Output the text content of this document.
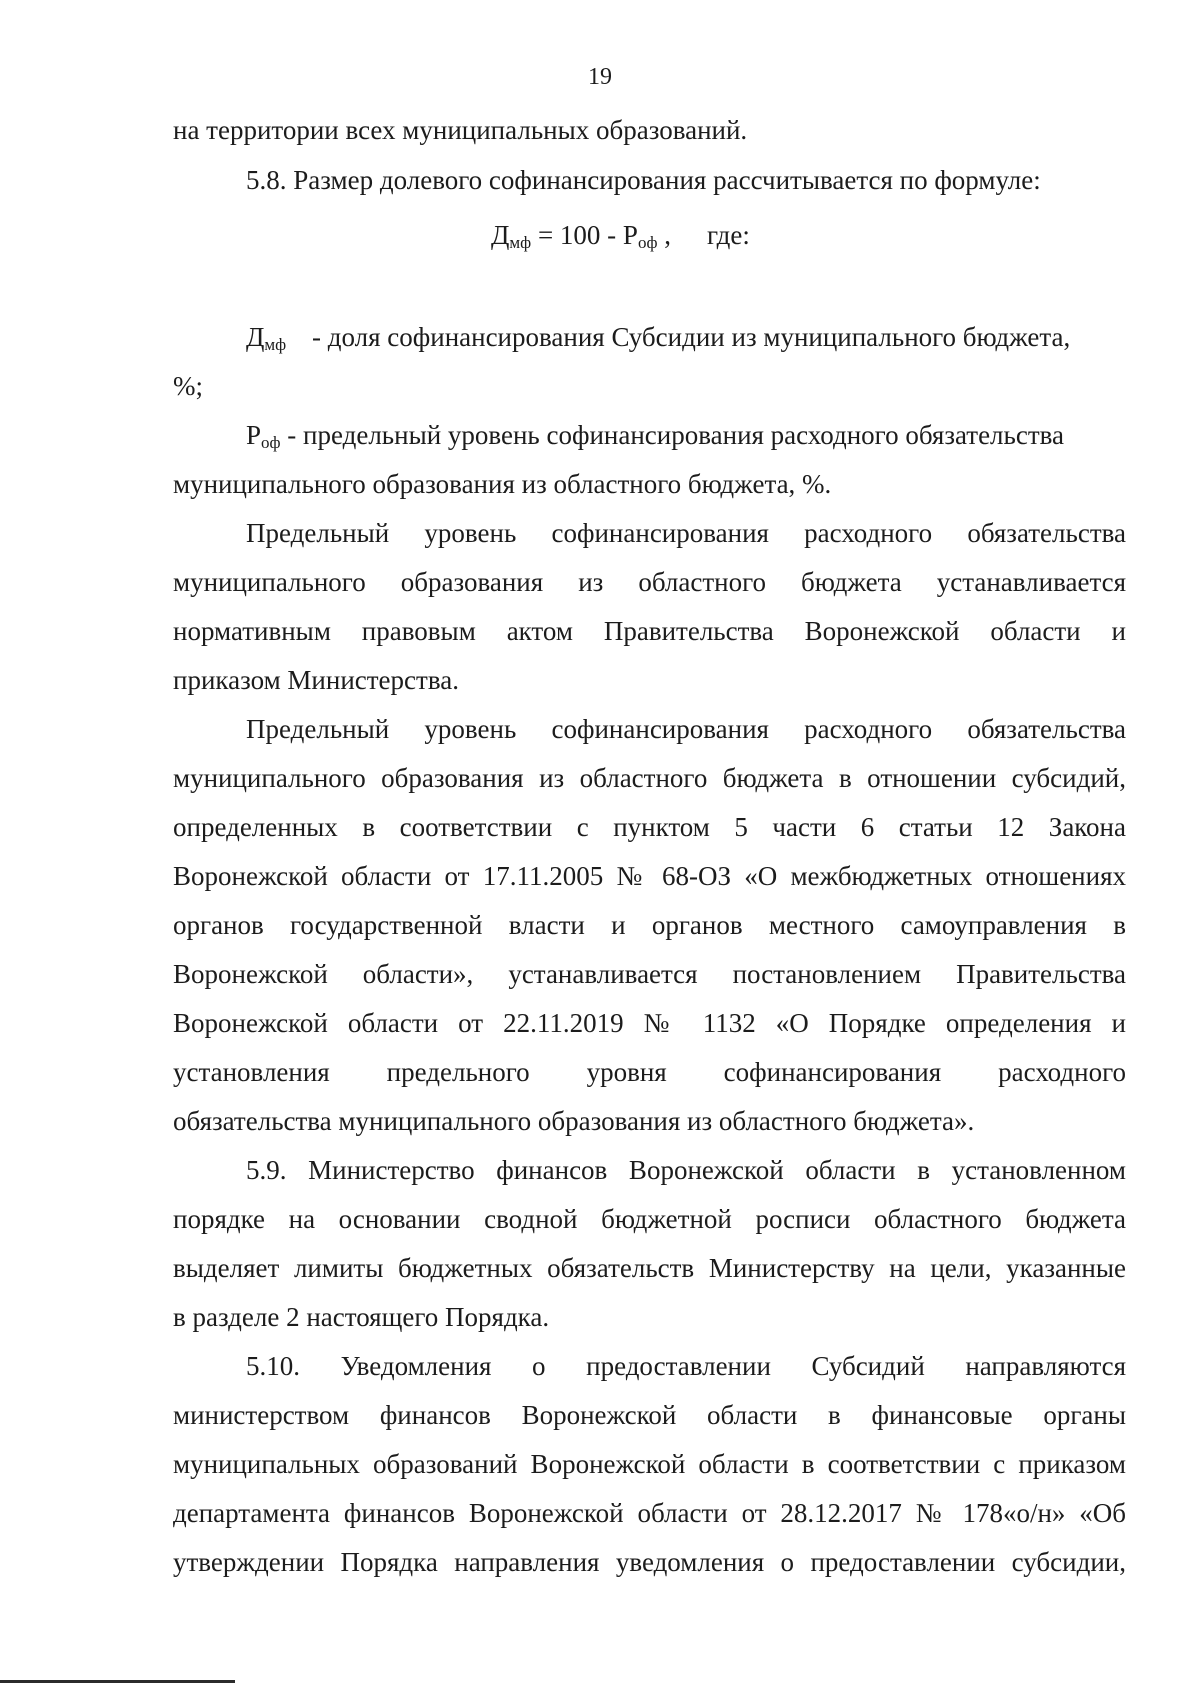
19
на территории всех муниципальных образований.
5.8. Размер долевого софинансирования рассчитывается по формуле:
$Д_{мф} = 100 - Р_{оф}$ , где:
$Д_{мф}$ - доля софинансирования Субсидии из муниципального бюджета,
%;
$Р_{оф}$ - предельный уровень софинансирования расходного обязательства
муниципального образования из областного бюджета, %.
Предельный уровень софинансирования расходного обязательства
муниципального образования из областного бюджета устанавливается
нормативным правовым актом Правительства Воронежской области и
приказом Министерства.
Предельный уровень софинансирования расходного обязательства
муниципального образования из областного бюджета в отношении субсидий,
определенных в соответствии с пунктом 5 части 6 статьи 12 Закона
Воронежской области от 17.11.2005 № 68-ОЗ «О межбюджетных отношениях
органов государственной власти и органов местного самоуправления в
Воронежской области», устанавливается постановлением Правительства
Воронежской области от 22.11.2019 № 1132 «О Порядке определения и
установления предельного уровня софинансирования расходного
обязательства муниципального образования из областного бюджета».
5.9. Министерство финансов Воронежской области в установленном
порядке на основании сводной бюджетной росписи областного бюджета
выделяет лимиты бюджетных обязательств Министерству на цели, указанные
в разделе 2 настоящего Порядка.
5.10. Уведомления о предоставлении Субсидий направляются
министерством финансов Воронежской области в финансовые органы
муниципальных образований Воронежской области в соответствии с приказом
департамента финансов Воронежской области от 28.12.2017 № 178«о/н» «Об
утверждении Порядка направления уведомления о предоставлении субсидии,
